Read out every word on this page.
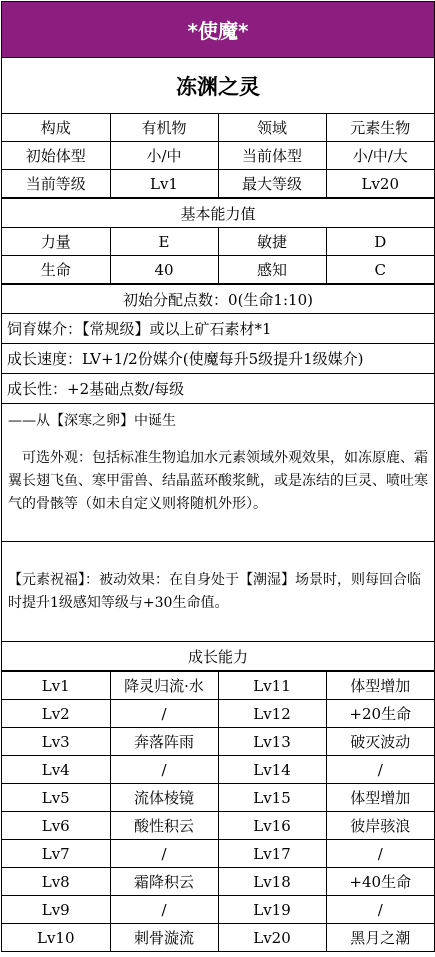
*使魔*
冻渊之灵
构成	有机物	领域	元素生物
初始体型	小/中	当前体型	小/中/大
当前等级	Lv1	最大等级	Lv20
基本能力值
力量	E	敏捷	D
生命	40	感知	C
初始分配点数：0(生命1:10)
饲育媒介：【常规级】或以上矿石素材*1
成长速度：LV+1/2份媒介(使魔每升5级提升1级媒介)
成长性：+2基础点数/每级

——从【深寒之卵】中诞生

可选外观：包括标准生物追加水元素领域外观效果，如冻原鹿、霜翼长翅飞鱼、寒甲雷兽、结晶蓝环酸浆鱿，或是冻结的巨灵、喷吐寒气的骨骸等（如未自定义则将随机外形）。

【元素祝福】：被动效果：在自身处于【潮湿】场景时，则每回合临时提升1级感知等级与+30生命值。

成长能力
Lv1	降灵归流·水	Lv11	体型增加
Lv2	/	Lv12	+20生命
Lv3	奔落阵雨	Lv13	破灭波动
Lv4	/	Lv14	/
Lv5	流体棱镜	Lv15	体型增加
Lv6	酸性积云	Lv16	彼岸骇浪
Lv7	/	Lv17	/
Lv8	霜降积云	Lv18	+40生命
Lv9	/	Lv19	/
Lv10	刺骨漩流	Lv20	黑月之潮
